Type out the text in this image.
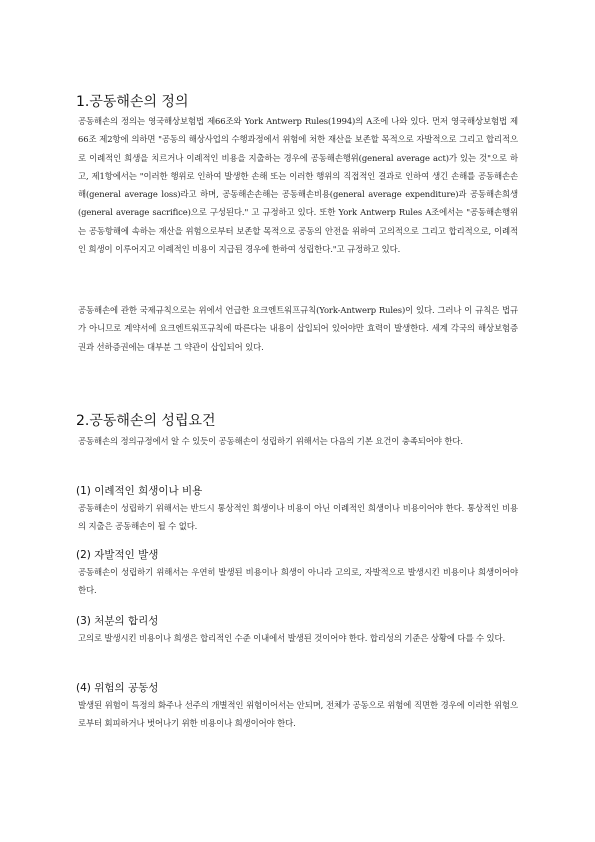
1.공동해손의 정의
공동해손의 정의는 영국해상보험법 제66조와 York Antwerp Rules(1994)의 A조에 나와 있다. 먼저 영국해상보험법 제66조 제2항에 의하면 "공동의 해상사업의 수행과정에서 위험에 처한 재산을 보존할 목적으로 자발적으로 그리고 합리적으로 이례적인 희생을 치르거나 이례적인 비용을 지출하는 경우에 공동해손행위(general average act)가 있는 것"으로 하고, 제1항에서는 "이러한 행위로 인하여 발생한 손해 또는 이러한 행위의 직접적인 결과로 인하여 생긴 손해를 공동해손손해(general average loss)라고 하며, 공동해손손해는 공동해손비용(general average expenditure)과 공동해손희생(general average sacrifice)으로 구성된다." 고 규정하고 있다. 또한 York Antwerp Rules A조에서는 "공동해손행위는 공동항해에 속하는 재산을 위험으로부터 보존할 목적으로 공동의 안전을 위하여 고의적으로 그리고 합리적으로, 이례적인 희생이 이루어지고 이례적인 비용이 지급된 경우에 한하여 성립한다."고 규정하고 있다.
공동해손에 관한 국제규칙으로는 위에서 언급한 요크엔트워프규칙(York-Antwerp Rules)이 있다. 그러나 이 규칙은 법규가 아니므로 계약서에 요크엔트워프규칙에 따른다는 내용이 삽입되어 있어야만 효력이 발생한다. 세계 각국의 해상보험증권과 선하증권에는 대부분 그 약관이 삽입되어 있다.
2.공동해손의 성립요건
공동해손의 정의규정에서 알 수 있듯이 공동해손이 성립하기 위해서는 다음의 기본 요건이 충족되어야 한다.
(1) 이례적인 희생이나 비용
공동해손이 성립하기 위해서는 반드시 통상적인 희생이나 비용이 아닌 이례적인 희생이나 비용이어야 한다. 통상적인 비용의 지출은 공동해손이 될 수 없다.
(2) 자발적인 발생
공동해손이 성립하기 위해서는 우연히 발생된 비용이나 희생이 아니라 고의로, 자발적으로 발생시킨 비용이나 희생이어야 한다.
(3) 처분의 합리성
고의로 발생시킨 비용이나 희생은 합리적인 수준 이내에서 발생된 것이어야 한다. 합리성의 기준은 상황에 다를 수 있다.
(4) 위험의 공동성
발생된 위험이 특정의 화주나 선주의 개별적인 위험이어서는 안되며, 전체가 공동으로 위험에 직면한 경우에 이러한 위험으로부터 회피하거나 벗어나기 위한 비용이나 희생이어야 한다.
